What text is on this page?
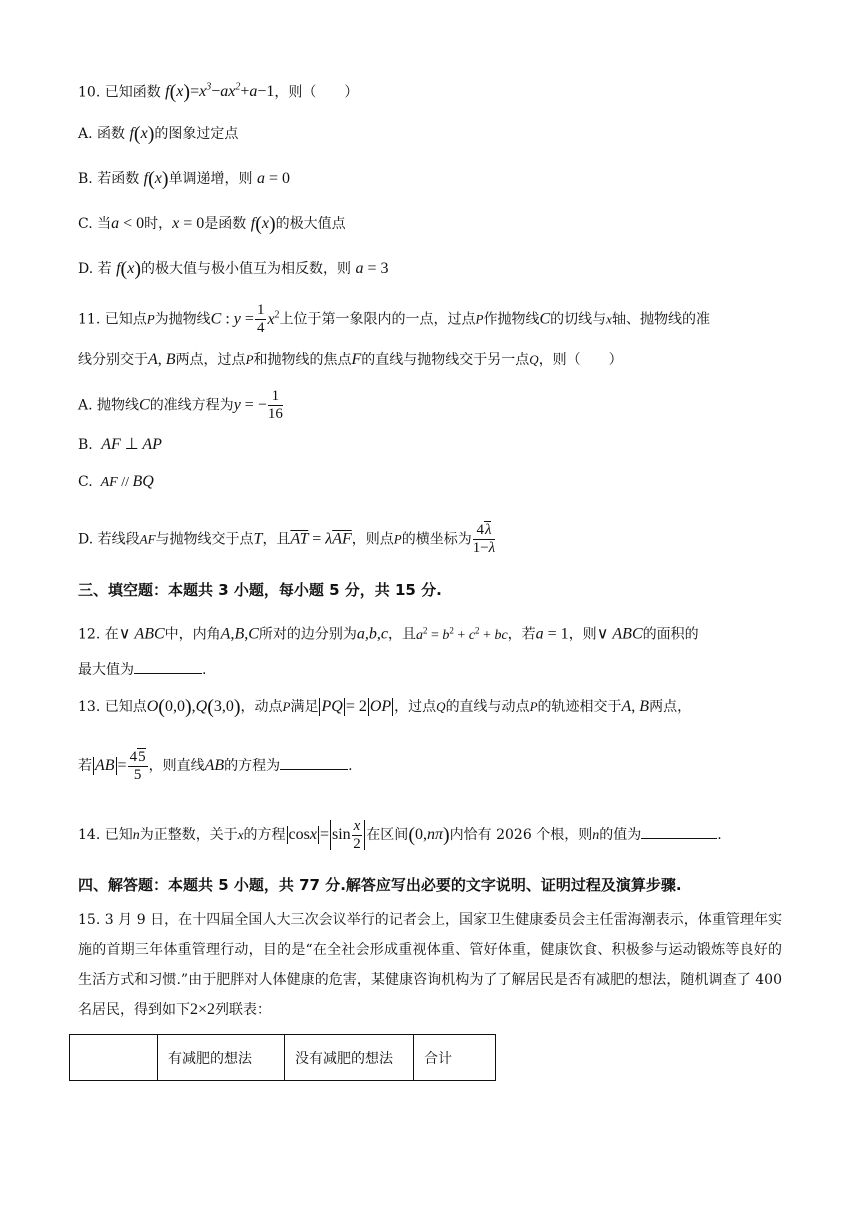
10. 已知函数 $f(x)=x^3-ax^2+a-1$，则（　　）
A. 函数 f(x)的图象过定点
B. 若函数 f(x)单调递增，则 a = 0
C. 当a < 0时，x = 0是函数 f(x)的极大值点
D. 若 f(x)的极大值与极小值互为相反数，则 a = 3
11. 已知点P为抛物线C : $y = \frac{1}{4} x^2$上位于第一象限内的一点，过点P作抛物线C的切线与x轴、抛物线的准
线分别交于A, B两点，过点P和抛物线的焦点F的直线与抛物线交于另一点Q，则（　　）
A. 抛物线C的准线方程为y = − $\frac{1}{16}$
B.  AF ⊥ AP
C.  AF // BQ
D. 若线段AF与抛物线交于点T，且$\overline{AT} = \lambda\overline{AF}$，则点P的横坐标为 $\frac{4\lambda}{1-\lambda}$
三、填空题：本题共 3 小题，每小题 5 分，共 15 分.
12. 在∨ ABC中，内角A,B,C所对的边分别为a,b,c，且$a^2 = b^2 + c^2$ + bc，若a = 1，则∨ ABC的面积的
最大值为	.
13. 已知点O(0,0),Q(3,0)，动点P满足 PQ = 2 OP ，过点Q的直线与动点P的轨迹相交于A, B两点，
若 AB = $\frac{45}{5}$ ，则直线AB的方程为	.
14. 已知n为正整数，关于x的方程 $\cos x = \sin \frac{x}{2}$ 在区间(0,nπ)内恰有 2026 个根，则n的值为	.
四、解答题：本题共 5 小题，共 77 分.解答应写出必要的文字说明、证明过程及演算步骤.
15. 3 月 9 日，在十四届全国人大三次会议举行的记者会上，国家卫生健康委员会主任雷海潮表示，体重管理年实施的首期三年体重管理行动，目的是“在全社会形成重视体重、管好体重，健康饮食、积极参与运动锻炼等良好的生活方式和习惯.”由于肥胖对人体健康的危害，某健康咨询机构为了了解居民是否有减肥的想法，随机调查了 400 名居民，得到如下2×2列联表：
	有减肥的想法	没有减肥的想法	合计
